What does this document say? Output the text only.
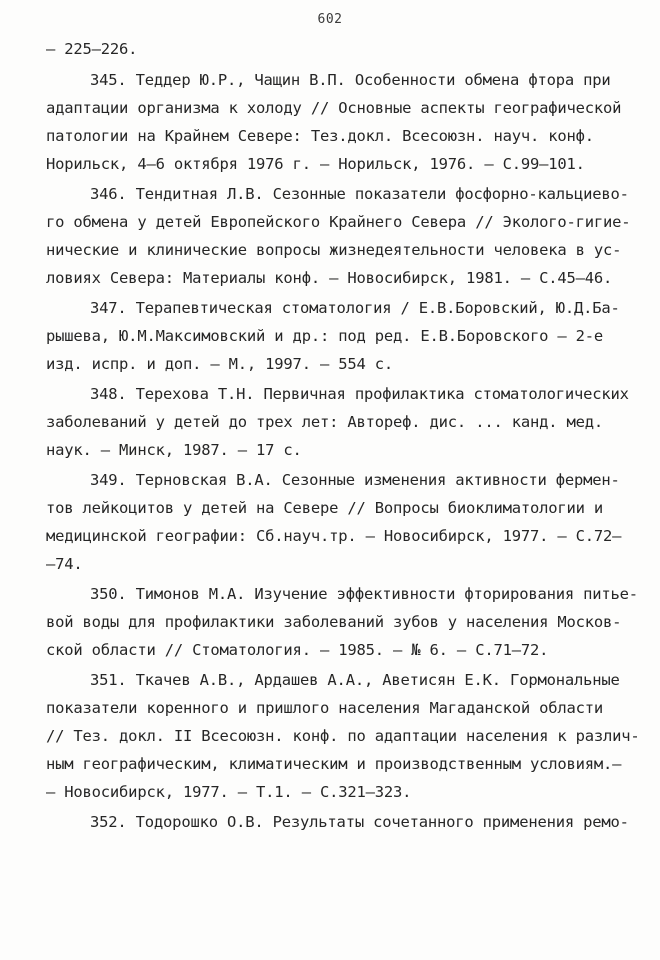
602
– 225–226.
345. Теддер Ю.Р., Чащин В.П. Особенности обмена фтора при
адаптации организма к холоду // Основные аспекты географической
патологии на Крайнем Севере: Тез.докл. Всесоюзн. науч. конф.
Норильск, 4–6 октября 1976 г. – Норильск, 1976. – С.99–101.
346. Тендитная Л.В. Сезонные показатели фосфорно-кальциево-
го обмена у детей Европейского Крайнего Севера // Эколого-гигие-
нические и клинические вопросы жизнедеятельности человека в ус-
ловиях Севера: Материалы конф. – Новосибирск, 1981. – С.45–46.
347. Терапевтическая стоматология / Е.В.Боровский, Ю.Д.Ба-
рышева, Ю.М.Максимовский и др.: под ред. Е.В.Боровского – 2-е
изд. испр. и доп. – М., 1997. – 554 с.
348. Терехова Т.Н. Первичная профилактика стоматологических
заболеваний у детей до трех лет: Автореф. дис. ... канд. мед.
наук. – Минск, 1987. – 17 с.
349. Терновская В.А. Сезонные изменения активности фермен-
тов лейкоцитов у детей на Севере // Вопросы биоклиматологии и
медицинской географии: Сб.науч.тр. – Новосибирск, 1977. – С.72–
–74.
350. Тимонов М.А. Изучение эффективности фторирования питье-
вой воды для профилактики заболеваний зубов у населения Москов-
ской области // Стоматология. – 1985. – № 6. – С.71–72.
351. Ткачев А.В., Ардашев А.А., Аветисян Е.К. Гормональные
показатели коренного и пришлого населения Магаданской области
// Тез. докл. II Всесоюзн. конф. по адаптации населения к различ-
ным географическим, климатическим и производственным условиям.–
– Новосибирск, 1977. – Т.1. – С.321–323.
352. Тодорошко О.В. Результаты сочетанного применения ремо-
